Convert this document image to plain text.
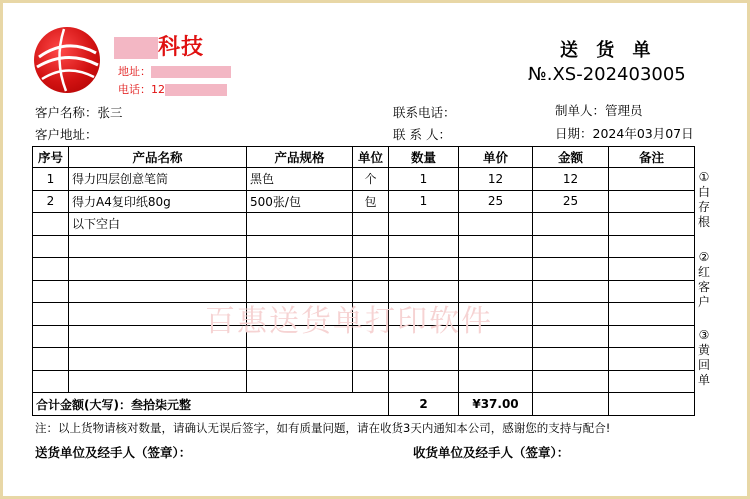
科技
地址：
电话：12
送 货 单
№.XS-202403005
客户名称：张三
客户地址：
联系电话：
联 系 人：
制单人：管理员
日期：2024年03月07日
序号	产品名称	产品规格	单位	数量	单价	金额	备注
1	得力四层创意笔筒	黑色	个	1	12	12	
2	得力A4复印纸80g	500张/包	包	1	25	25	
	以下空白						

合计金额(大写)：叁拾柒元整				2	¥37.00		
①白存根
②红客户
③黄回单
百惠送货单打印软件
注：以上货物请核对数量，请确认无误后签字，如有质量问题，请在收货3天内通知本公司，感谢您的支持与配合!
送货单位及经手人（签章）：	收货单位及经手人（签章）：
